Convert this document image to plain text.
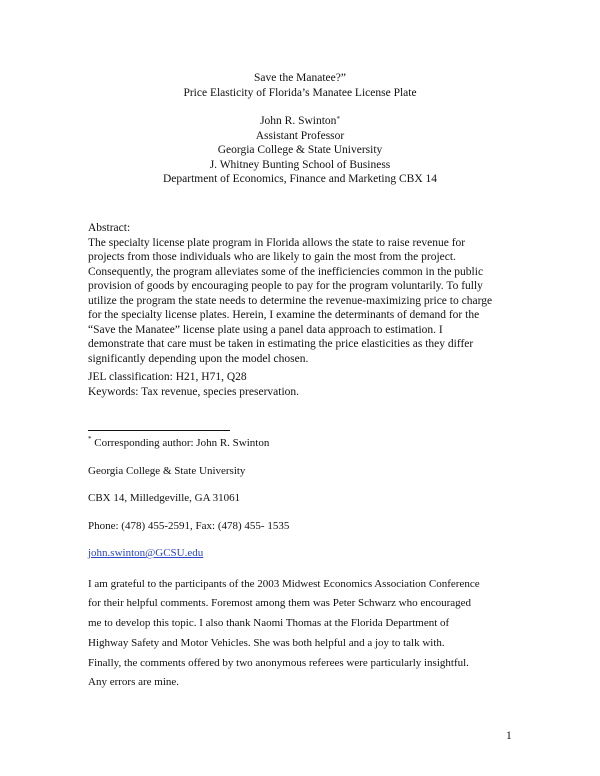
Save the Manatee?”
Price Elasticity of Florida’s Manatee License Plate
John R. Swinton*
Assistant Professor
Georgia College & State University
J. Whitney Bunting School of Business
Department of Economics, Finance and Marketing CBX 14
Abstract:
The specialty license plate program in Florida allows the state to raise revenue for
projects from those individuals who are likely to gain the most from the project.
Consequently, the program alleviates some of the inefficiencies common in the public
provision of goods by encouraging people to pay for the program voluntarily. To fully
utilize the program the state needs to determine the revenue-maximizing price to charge
for the specialty license plates. Herein, I examine the determinants of demand for the
“Save the Manatee” license plate using a panel data approach to estimation. I
demonstrate that care must be taken in estimating the price elasticities as they differ
significantly depending upon the model chosen.
JEL classification: H21, H71, Q28
Keywords: Tax revenue, species preservation.
* Corresponding author: John R. Swinton
Georgia College & State University
CBX 14, Milledgeville, GA 31061
Phone: (478) 455-2591, Fax: (478) 455- 1535
john.swinton@GCSU.edu
I am grateful to the participants of the 2003 Midwest Economics Association Conference
for their helpful comments. Foremost among them was Peter Schwarz who encouraged
me to develop this topic. I also thank Naomi Thomas at the Florida Department of
Highway Safety and Motor Vehicles. She was both helpful and a joy to talk with.
Finally, the comments offered by two anonymous referees were particularly insightful.
Any errors are mine.
1
